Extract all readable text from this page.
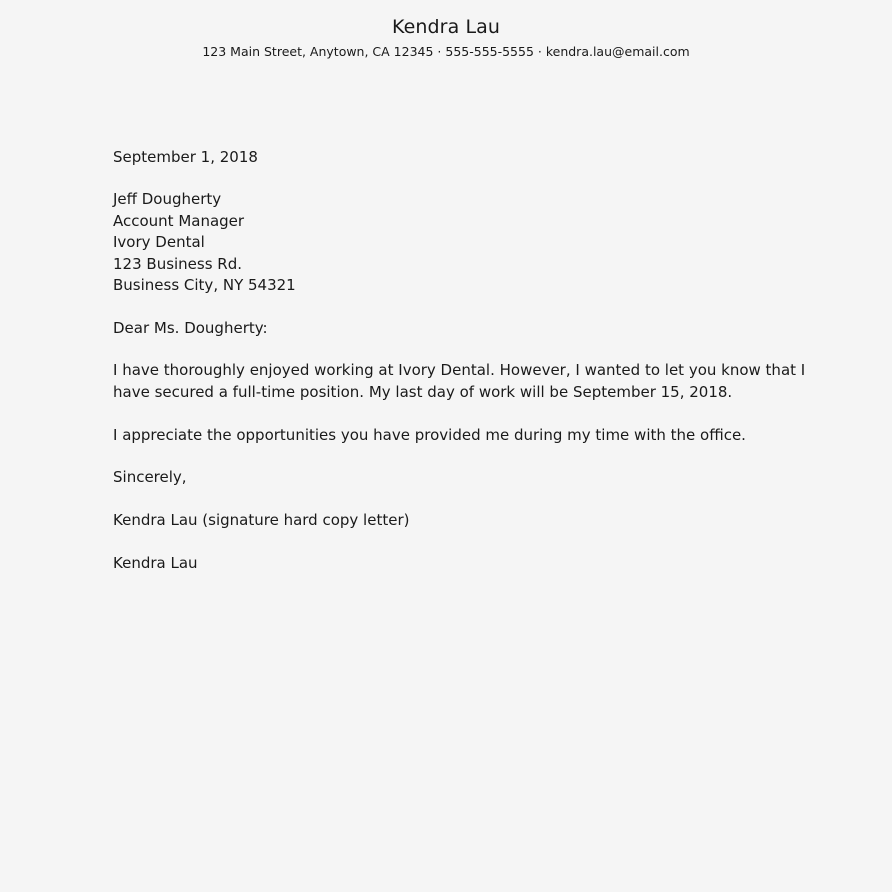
Kendra Lau
123 Main Street, Anytown, CA 12345 · 555-555-5555 · kendra.lau@email.com
September 1, 2018
Jeff Dougherty
Account Manager
Ivory Dental
123 Business Rd.
Business City, NY 54321
Dear Ms. Dougherty:
I have thoroughly enjoyed working at Ivory Dental. However, I wanted to let you know that I
have secured a full-time position. My last day of work will be September 15, 2018.
I appreciate the opportunities you have provided me during my time with the office.
Sincerely,
Kendra Lau (signature hard copy letter)
Kendra Lau
